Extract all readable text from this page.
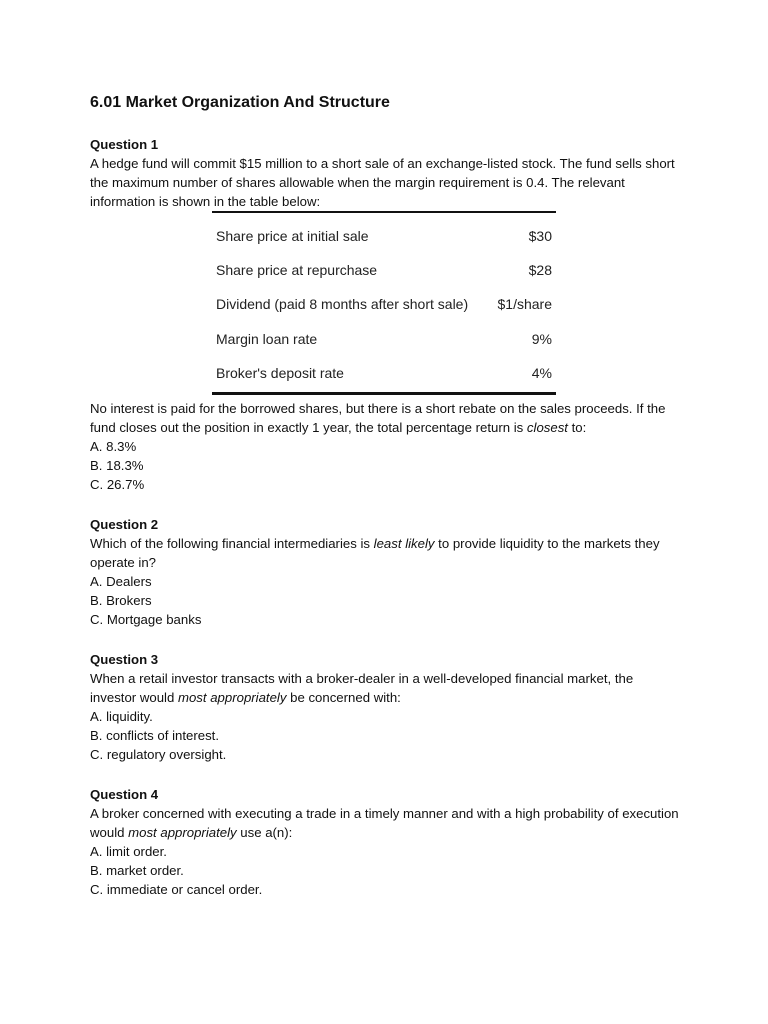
6.01 Market Organization And Structure
Question 1

A hedge fund will commit $15 million to a short sale of an exchange-listed stock. The fund sells short the maximum number of shares allowable when the margin requirement is 0.4. The relevant information is shown in the table below:

Share price at initial sale	$30
Share price at repurchase	$28
Dividend (paid 8 months after short sale)	$1/share
Margin loan rate	9%
Broker's deposit rate	4%

No interest is paid for the borrowed shares, but there is a short rebate on the sales proceeds. If the fund closes out the position in exactly 1 year, the total percentage return is closest to:

A. 8.3%
B. 18.3%
C. 26.7%
Question 2

Which of the following financial intermediaries is least likely to provide liquidity to the markets they operate in?

A. Dealers
B. Brokers
C. Mortgage banks
Question 3

When a retail investor transacts with a broker-dealer in a well-developed financial market, the investor would most appropriately be concerned with:

A. liquidity.
B. conflicts of interest.
C. regulatory oversight.
Question 4

A broker concerned with executing a trade in a timely manner and with a high probability of execution would most appropriately use a(n):

A. limit order.
B. market order.
C. immediate or cancel order.
